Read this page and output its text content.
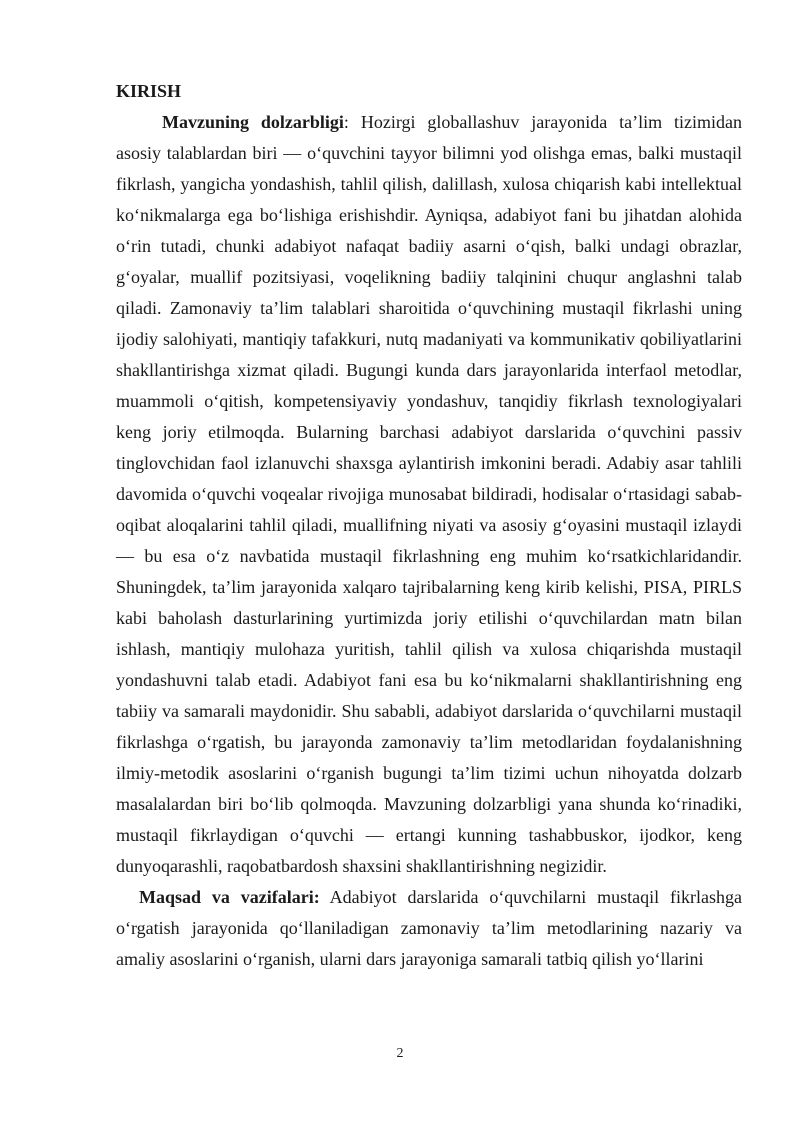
KIRISH

Mavzuning dolzarbligi: Hozirgi globallashuv jarayonida ta’lim tizimidan asosiy talablardan biri — o‘quvchini tayyor bilimni yod olishga emas, balki mustaqil fikrlash, yangicha yondashish, tahlil qilish, dalillash, xulosa chiqarish kabi intellektual ko‘nikmalarga ega bo‘lishiga erishishdir. Ayniqsa, adabiyot fani bu jihatdan alohida o‘rin tutadi, chunki adabiyot nafaqat badiiy asarni o‘qish, balki undagi obrazlar, g‘oyalar, muallif pozitsiyasi, voqelikning badiiy talqinini chuqur anglashni talab qiladi. Zamonaviy ta’lim talablari sharoitida o‘quvchining mustaqil fikrlashi uning ijodiy salohiyati, mantiqiy tafakkuri, nutq madaniyati va kommunikativ qobiliyatlarini shakllantirishga xizmat qiladi. Bugungi kunda dars jarayonlarida interfaol metodlar, muammoli o‘qitish, kompetensiyaviy yondashuv, tanqidiy fikrlash texnologiyalari keng joriy etilmoqda. Bularning barchasi adabiyot darslarida o‘quvchini passiv tinglovchidan faol izlanuvchi shaxsga aylantirish imkonini beradi. Adabiy asar tahlili davomida o‘quvchi voqealar rivojiga munosabat bildiradi, hodisalar o‘rtasidagi sabab-oqibat aloqalarini tahlil qiladi, muallifning niyati va asosiy g‘oyasini mustaqil izlaydi — bu esa o‘z navbatida mustaqil fikrlashning eng muhim ko‘rsatkichlaridandir. Shuningdek, ta’lim jarayonida xalqaro tajribalarning keng kirib kelishi, PISA, PIRLS kabi baholash dasturlarining yurtimizda joriy etilishi o‘quvchilardan matn bilan ishlash, mantiqiy mulohaza yuritish, tahlil qilish va xulosa chiqarishda mustaqil yondashuvni talab etadi. Adabiyot fani esa bu ko‘nikmalarni shakllantirishning eng tabiiy va samarali maydonidir. Shu sababli, adabiyot darslarida o‘quvchilarni mustaqil fikrlashga o‘rgatish, bu jarayonda zamonaviy ta’lim metodlaridan foydalanishning ilmiy-metodik asoslarini o‘rganish bugungi ta’lim tizimi uchun nihoyatda dolzarb masalalardan biri bo‘lib qolmoqda. Mavzuning dolzarbligi yana shunda ko‘rinadiki, mustaqil fikrlaydigan o‘quvchi — ertangi kunning tashabbuskor, ijodkor, keng dunyoqarashli, raqobatbardosh shaxsini shakllantirishning negizidir.

Maqsad va vazifalari: Adabiyot darslarida o‘quvchilarni mustaqil fikrlashga o‘rgatish jarayonida qo‘llaniladigan zamonaviy ta’lim metodlarining nazariy va amaliy asoslarini o‘rganish, ularni dars jarayoniga samarali tatbiq qilish yo‘llarini

2
